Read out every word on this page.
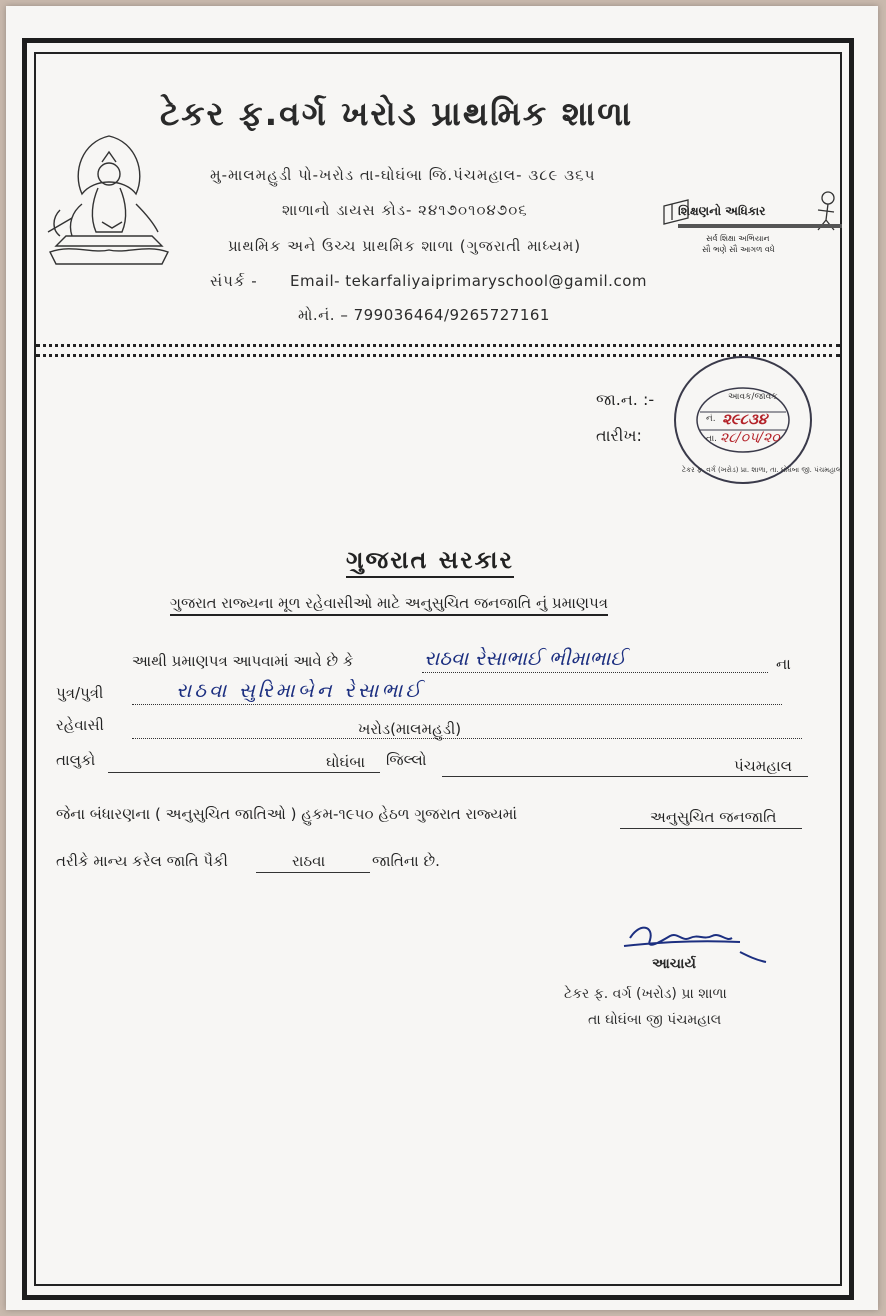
ટેકર ફ.વર્ગ ખરોડ પ્રાથમિક શાળા
મુ-માલમહુડી પો-ખરોડ તા-ઘોઘંબા જિ.પંચમહાલ- ૩૮૯ ૩૬૫
શાળાનો ડાયસ કોડ- ૨૪૧૭૦૧૦૪૭૦૬
પ્રાથમિક અને ઉચ્ચ પ્રાથમિક શાળા (ગુજરાતી માધ્યમ)
સંપર્ક - Email- tekarfaliyaiprimaryschool@gamil.com
મો.નં. – 799036464/9265727161
શિક્ષણનો અધિકાર
સર્વ શિક્ષા અભિયાન
સૌ ભણે સૌ આગળ વધે
જા.ન. :-
તારીખ:
આવક/જાવક
નં. ૨૯૮૩૪
તા. ૨૮/૦૫/૨૦
ટેકર ફ. વર્ગ (ખરોડ) પ્રા. શાળા, તા. ઘોઘંબા જી. પંચમહાલ
ગુજરાત સરકાર
ગુજરાત રાજ્યના મૂળ રહેવાસીઓ માટે અનુસુચિત જનજાતિ નું પ્રમાણપત્ર
આથી પ્રમાણપત્ર આપવામાં આવે છે કે	રાઠવા રેસાભાઈ ભીમાભાઈ	ના
પુત્ર/પુત્રી	રાઠવા સુરિમાબેન રેસાભાઈ
રહેવાસી	ખરોડ(માલમહુડી)
તાલુકો	ઘોઘંબા જિલ્લો	પંચમહાલ
જેના બંધારણના ( અનુસુચિત જાતિઓ ) હુકમ-૧૯૫૦ હેઠળ ગુજરાત રાજ્યમાં	અનુસુચિત જનજાતિ
તરીકે માન્ય કરેલ જાતિ પૈકી	રાઠવા	જાતિના છે.
આચાર્ય
ટેકર ફ. વર્ગ (ખરોડ) પ્રા શાળા
તા ઘોઘંબા જી પંચમહાલ
